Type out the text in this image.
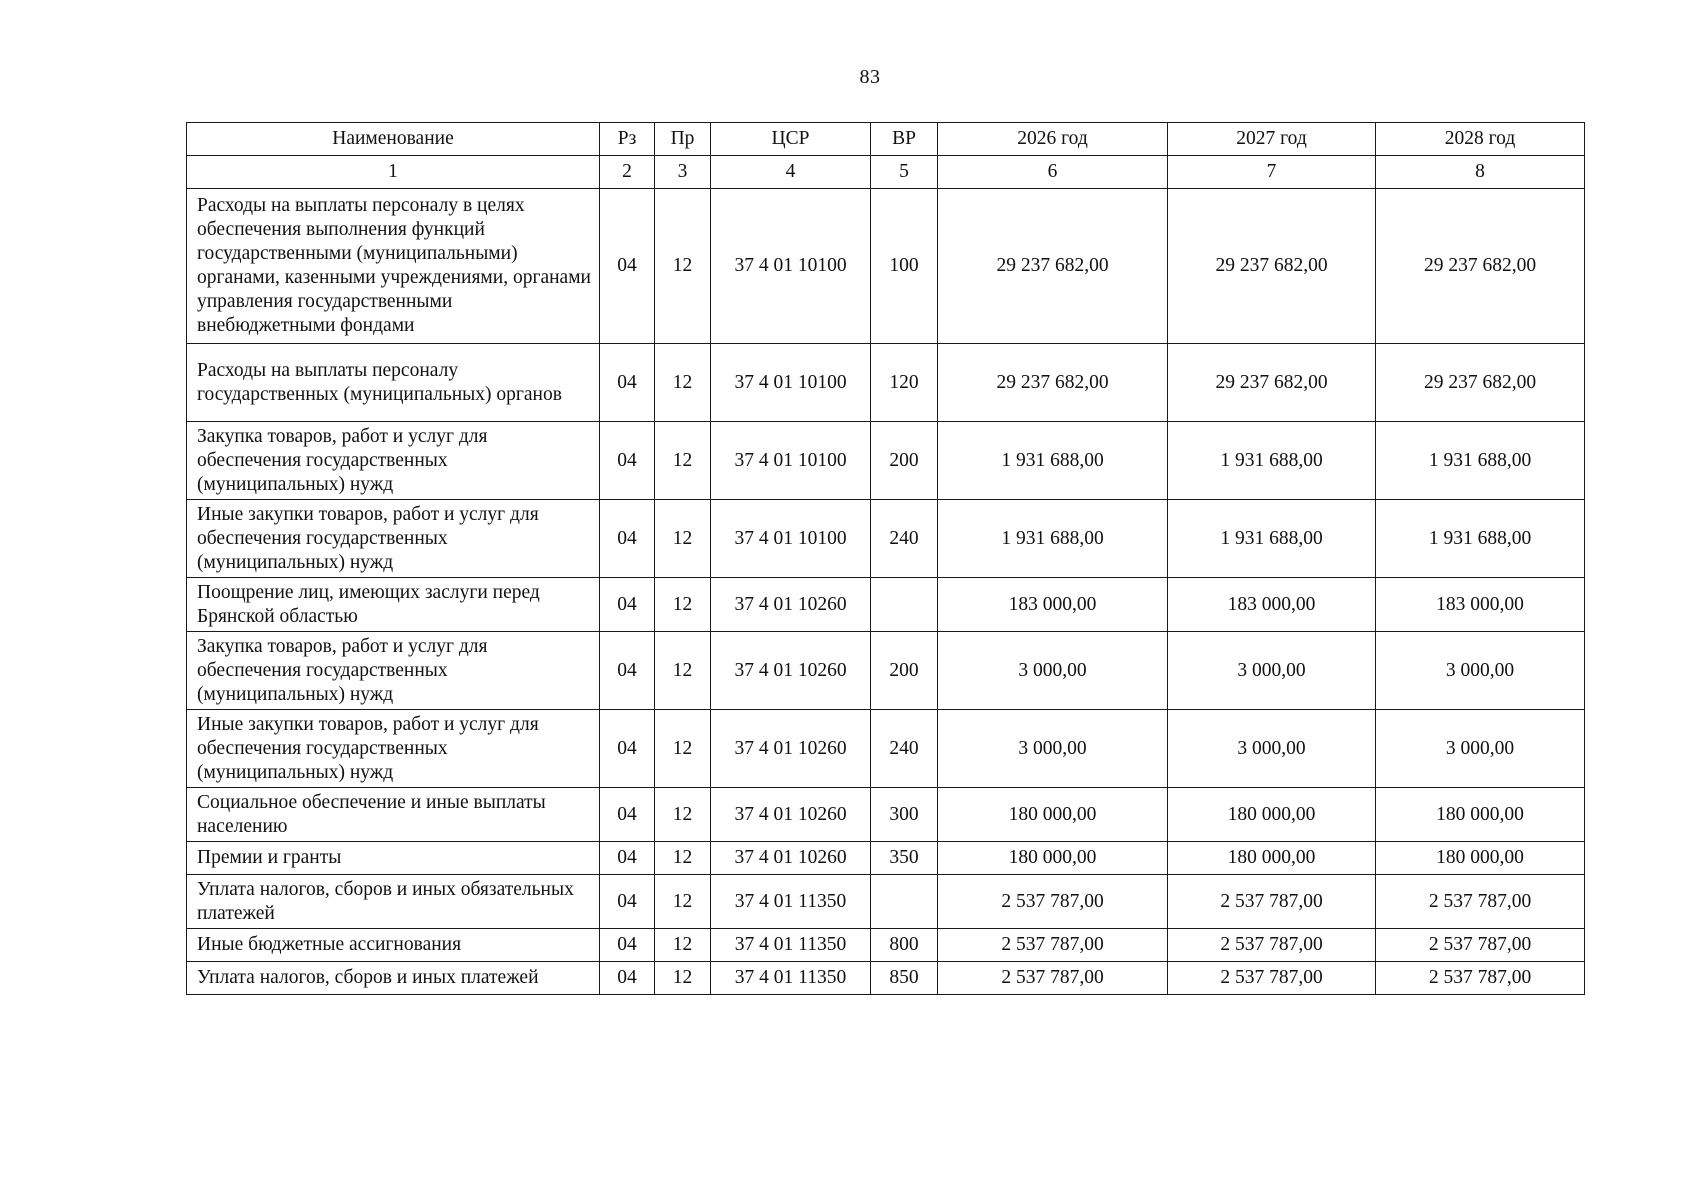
83
Наименование	Рз	Пр	ЦСР	ВР	2026 год	2027 год	2028 год
1	2	3	4	5	6	7	8
Расходы на выплаты персоналу в целях обеспечения выполнения функций государственными (муниципальными) органами, казенными учреждениями, органами управления государственными внебюджетными фондами	04	12	37 4 01 10100	100	29 237 682,00	29 237 682,00	29 237 682,00
Расходы на выплаты персоналу государственных (муниципальных) органов	04	12	37 4 01 10100	120	29 237 682,00	29 237 682,00	29 237 682,00
Закупка товаров, работ и услуг для обеспечения государственных (муниципальных) нужд	04	12	37 4 01 10100	200	1 931 688,00	1 931 688,00	1 931 688,00
Иные закупки товаров, работ и услуг для обеспечения государственных (муниципальных) нужд	04	12	37 4 01 10100	240	1 931 688,00	1 931 688,00	1 931 688,00
Поощрение лиц, имеющих заслуги перед Брянской областью	04	12	37 4 01 10260		183 000,00	183 000,00	183 000,00
Закупка товаров, работ и услуг для обеспечения государственных (муниципальных) нужд	04	12	37 4 01 10260	200	3 000,00	3 000,00	3 000,00
Иные закупки товаров, работ и услуг для обеспечения государственных (муниципальных) нужд	04	12	37 4 01 10260	240	3 000,00	3 000,00	3 000,00
Социальное обеспечение и иные выплаты населению	04	12	37 4 01 10260	300	180 000,00	180 000,00	180 000,00
Премии и гранты	04	12	37 4 01 10260	350	180 000,00	180 000,00	180 000,00
Уплата налогов, сборов и иных обязательных платежей	04	12	37 4 01 11350		2 537 787,00	2 537 787,00	2 537 787,00
Иные бюджетные ассигнования	04	12	37 4 01 11350	800	2 537 787,00	2 537 787,00	2 537 787,00
Уплата налогов, сборов и иных платежей	04	12	37 4 01 11350	850	2 537 787,00	2 537 787,00	2 537 787,00
